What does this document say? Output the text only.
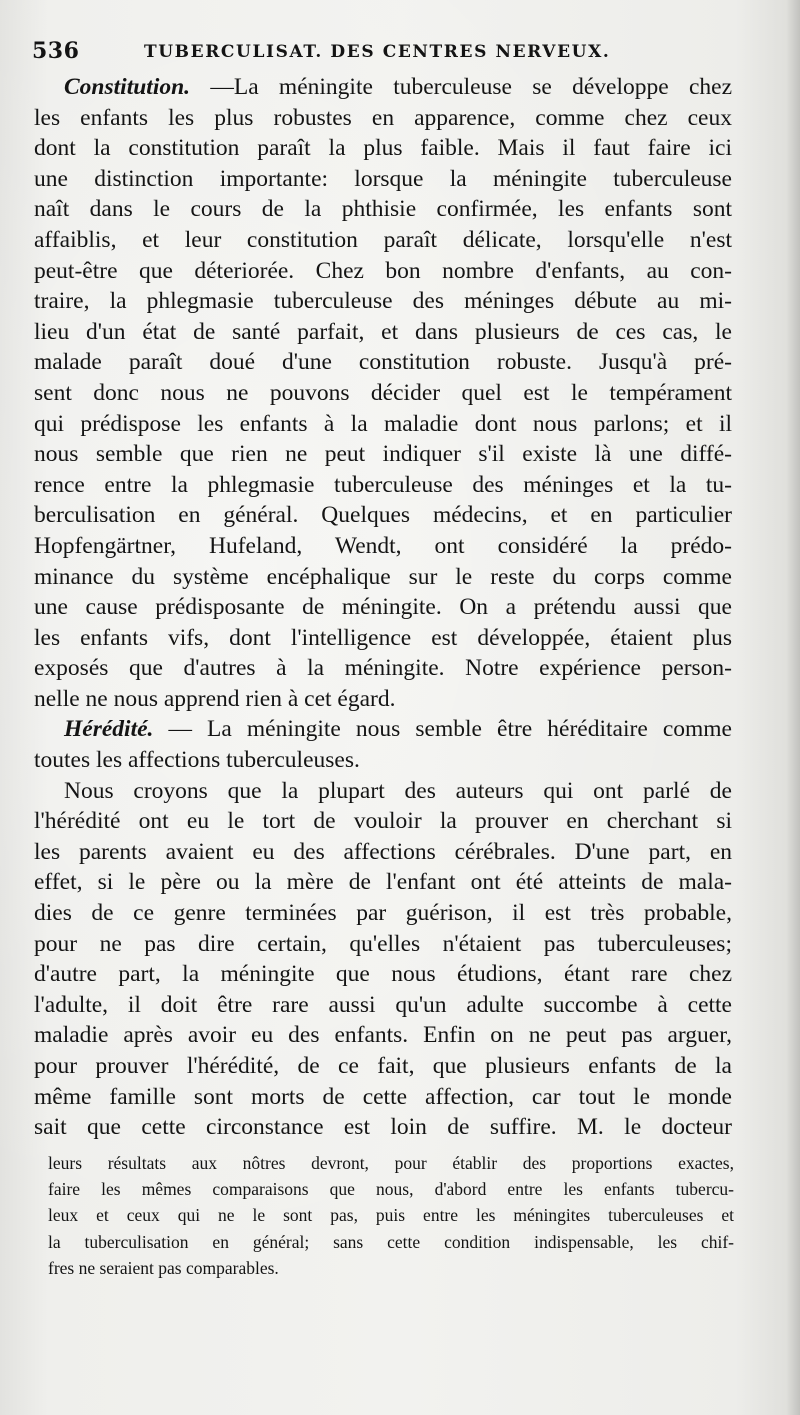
536	TUBERCULISAT. DES CENTRES NERVEUX.
Constitution. —La méningite tuberculeuse se développe chez
les enfants les plus robustes en apparence, comme chez ceux
dont la constitution paraît la plus faible. Mais il faut faire ici
une distinction importante: lorsque la méningite tuberculeuse
naît dans le cours de la phthisie confirmée, les enfants sont
affaiblis, et leur constitution paraît délicate, lorsqu'elle n'est
peut-être que déteriorée. Chez bon nombre d'enfants, au con-
traire, la phlegmasie tuberculeuse des méninges débute au mi-
lieu d'un état de santé parfait, et dans plusieurs de ces cas, le
malade paraît doué d'une constitution robuste. Jusqu'à pré-
sent donc nous ne pouvons décider quel est le tempérament
qui prédispose les enfants à la maladie dont nous parlons; et il
nous semble que rien ne peut indiquer s'il existe là une diffé-
rence entre la phlegmasie tuberculeuse des méninges et la tu-
berculisation en général. Quelques médecins, et en particulier
Hopfengärtner, Hufeland, Wendt, ont considéré la prédo-
minance du système encéphalique sur le reste du corps comme
une cause prédisposante de méningite. On a prétendu aussi que
les enfants vifs, dont l'intelligence est développée, étaient plus
exposés que d'autres à la méningite. Notre expérience person-
nelle ne nous apprend rien à cet égard.
Hérédité. — La méningite nous semble être héréditaire comme
toutes les affections tuberculeuses.
Nous croyons que la plupart des auteurs qui ont parlé de
l'hérédité ont eu le tort de vouloir la prouver en cherchant si
les parents avaient eu des affections cérébrales. D'une part, en
effet, si le père ou la mère de l'enfant ont été atteints de mala-
dies de ce genre terminées par guérison, il est très probable,
pour ne pas dire certain, qu'elles n'étaient pas tuberculeuses;
d'autre part, la méningite que nous étudions, étant rare chez
l'adulte, il doit être rare aussi qu'un adulte succombe à cette
maladie après avoir eu des enfants. Enfin on ne peut pas arguer,
pour prouver l'hérédité, de ce fait, que plusieurs enfants de la
même famille sont morts de cette affection, car tout le monde
sait que cette circonstance est loin de suffire. M. le docteur
leurs résultats aux nôtres devront, pour établir des proportions exactes,
faire les mêmes comparaisons que nous, d'abord entre les enfants tubercu-
leux et ceux qui ne le sont pas, puis entre les méningites tuberculeuses et
la tuberculisation en général; sans cette condition indispensable, les chif-
fres ne seraient pas comparables.
